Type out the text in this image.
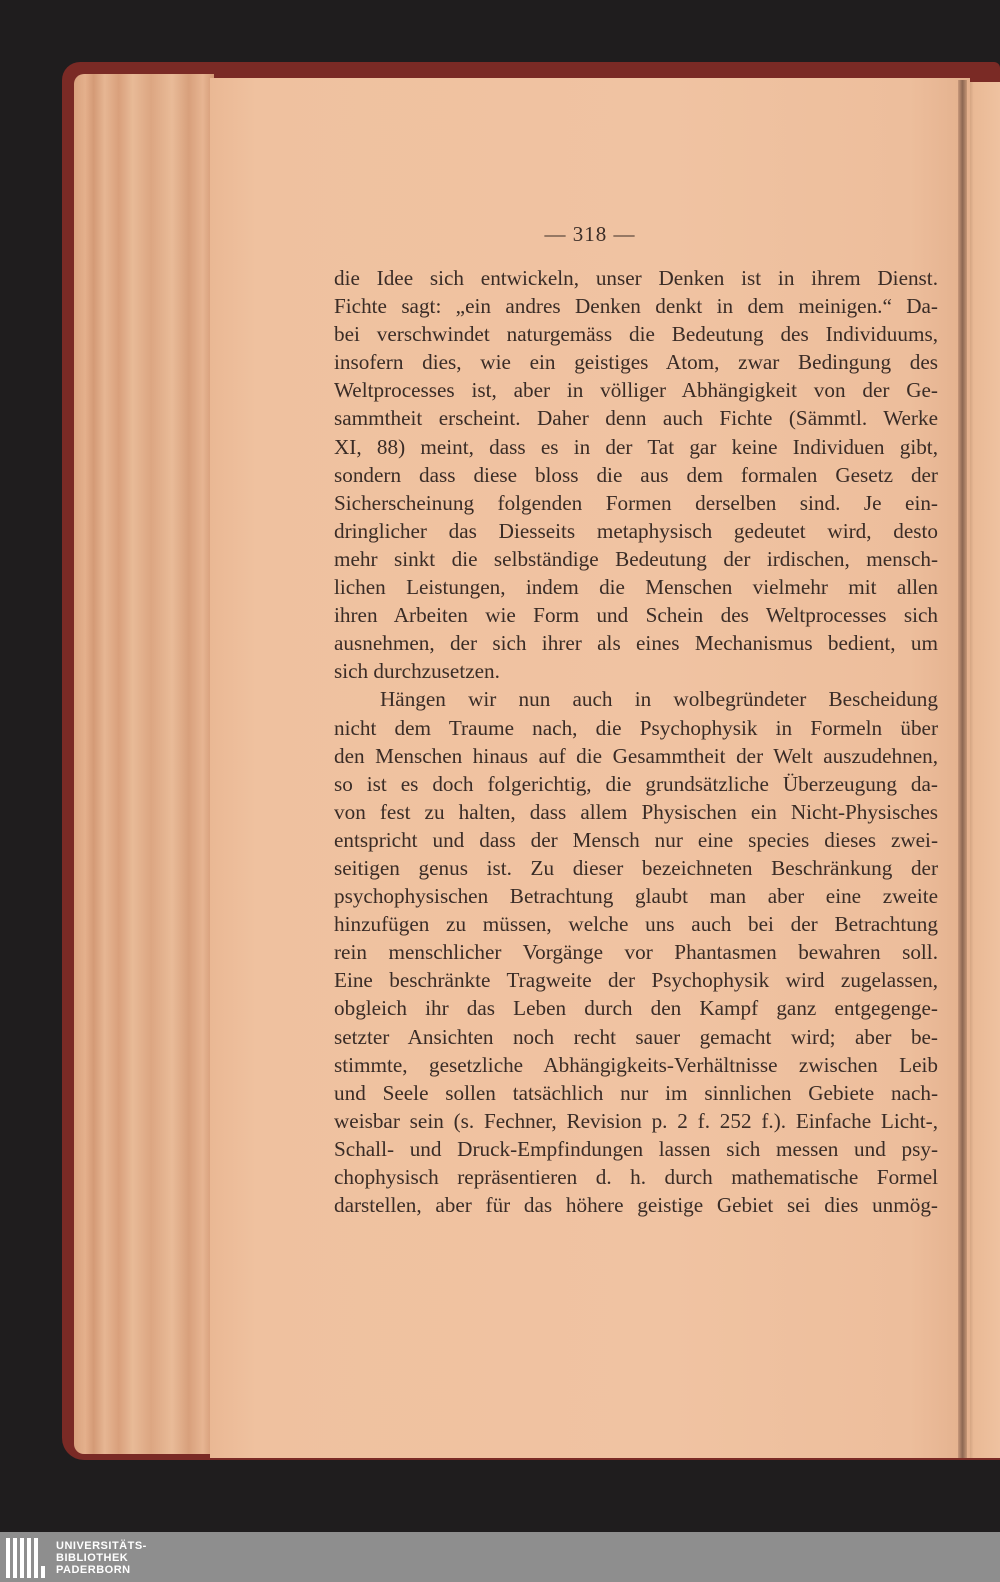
— 318 —
die Idee sich entwickeln, unser Denken ist in ihrem Dienst.
Fichte sagt: „ein andres Denken denkt in dem meinigen.“ Da-
bei verschwindet naturgemäss die Bedeutung des Individuums,
insofern dies, wie ein geistiges Atom, zwar Bedingung des
Weltprocesses ist, aber in völliger Abhängigkeit von der Ge-
sammtheit erscheint. Daher denn auch Fichte (Sämmtl. Werke
XI, 88) meint, dass es in der Tat gar keine Individuen gibt,
sondern dass diese bloss die aus dem formalen Gesetz der
Sicherscheinung folgenden Formen derselben sind. Je ein-
dringlicher das Diesseits metaphysisch gedeutet wird, desto
mehr sinkt die selbständige Bedeutung der irdischen, mensch-
lichen Leistungen, indem die Menschen vielmehr mit allen
ihren Arbeiten wie Form und Schein des Weltprocesses sich
ausnehmen, der sich ihrer als eines Mechanismus bedient, um
sich durchzusetzen.
Hängen wir nun auch in wolbegründeter Bescheidung
nicht dem Traume nach, die Psychophysik in Formeln über
den Menschen hinaus auf die Gesammtheit der Welt auszudehnen,
so ist es doch folgerichtig, die grundsätzliche Überzeugung da-
von fest zu halten, dass allem Physischen ein Nicht-Physisches
entspricht und dass der Mensch nur eine species dieses zwei-
seitigen genus ist. Zu dieser bezeichneten Beschränkung der
psychophysischen Betrachtung glaubt man aber eine zweite
hinzufügen zu müssen, welche uns auch bei der Betrachtung
rein menschlicher Vorgänge vor Phantasmen bewahren soll.
Eine beschränkte Tragweite der Psychophysik wird zugelassen,
obgleich ihr das Leben durch den Kampf ganz entgegenge-
setzter Ansichten noch recht sauer gemacht wird; aber be-
stimmte, gesetzliche Abhängigkeits-Verhältnisse zwischen Leib
und Seele sollen tatsächlich nur im sinnlichen Gebiete nach-
weisbar sein (s. Fechner, Revision p. 2 f. 252 f.). Einfache Licht-,
Schall- und Druck-Empfindungen lassen sich messen und psy-
chophysisch repräsentieren d. h. durch mathematische Formel
darstellen, aber für das höhere geistige Gebiet sei dies unmög-
UNIVERSITÄTS-
BIBLIOTHEK
PADERBORN
